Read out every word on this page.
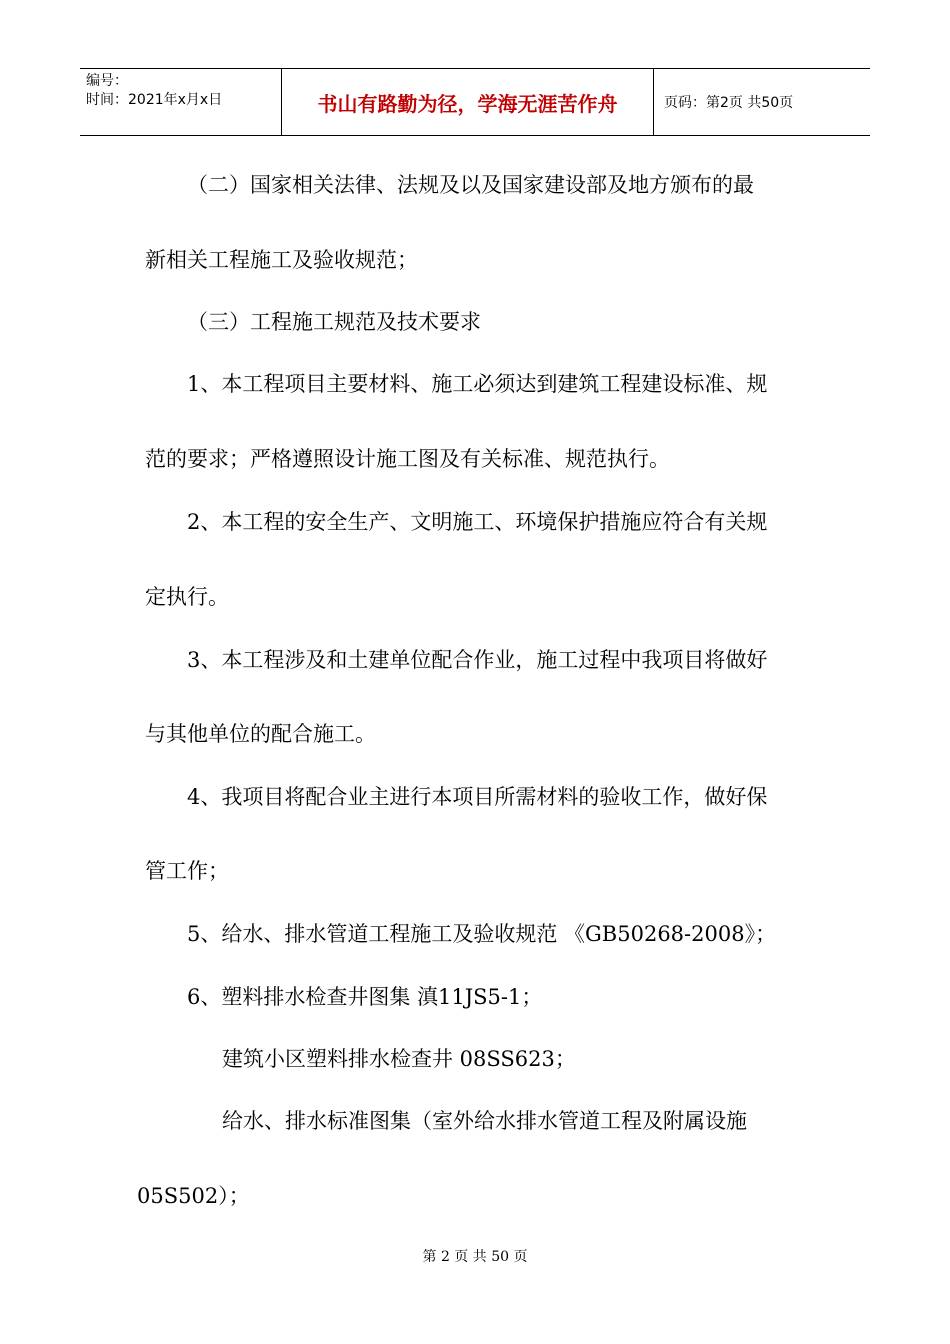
编号：
时间：2021年x月x日	书山有路勤为径，学海无涯苦作舟	页码：第2页 共50页
（二）国家相关法律、法规及以及国家建设部及地方颁布的最
新相关工程施工及验收规范；
（三）工程施工规范及技术要求
1、本工程项目主要材料、施工必须达到建筑工程建设标准、规
范的要求；严格遵照设计施工图及有关标准、规范执行。
2、本工程的安全生产、文明施工、环境保护措施应符合有关规
定执行。
3、本工程涉及和土建单位配合作业，施工过程中我项目将做好
与其他单位的配合施工。
4、我项目将配合业主进行本项目所需材料的验收工作，做好保
管工作；
5、给水、排水管道工程施工及验收规范 《GB50268-2008》；
6、塑料排水检查井图集 滇11JS5-1；
建筑小区塑料排水检查井 08SS623；
给水、排水标准图集（室外给水排水管道工程及附属设施
05S502）；
第 2 页 共 50 页
